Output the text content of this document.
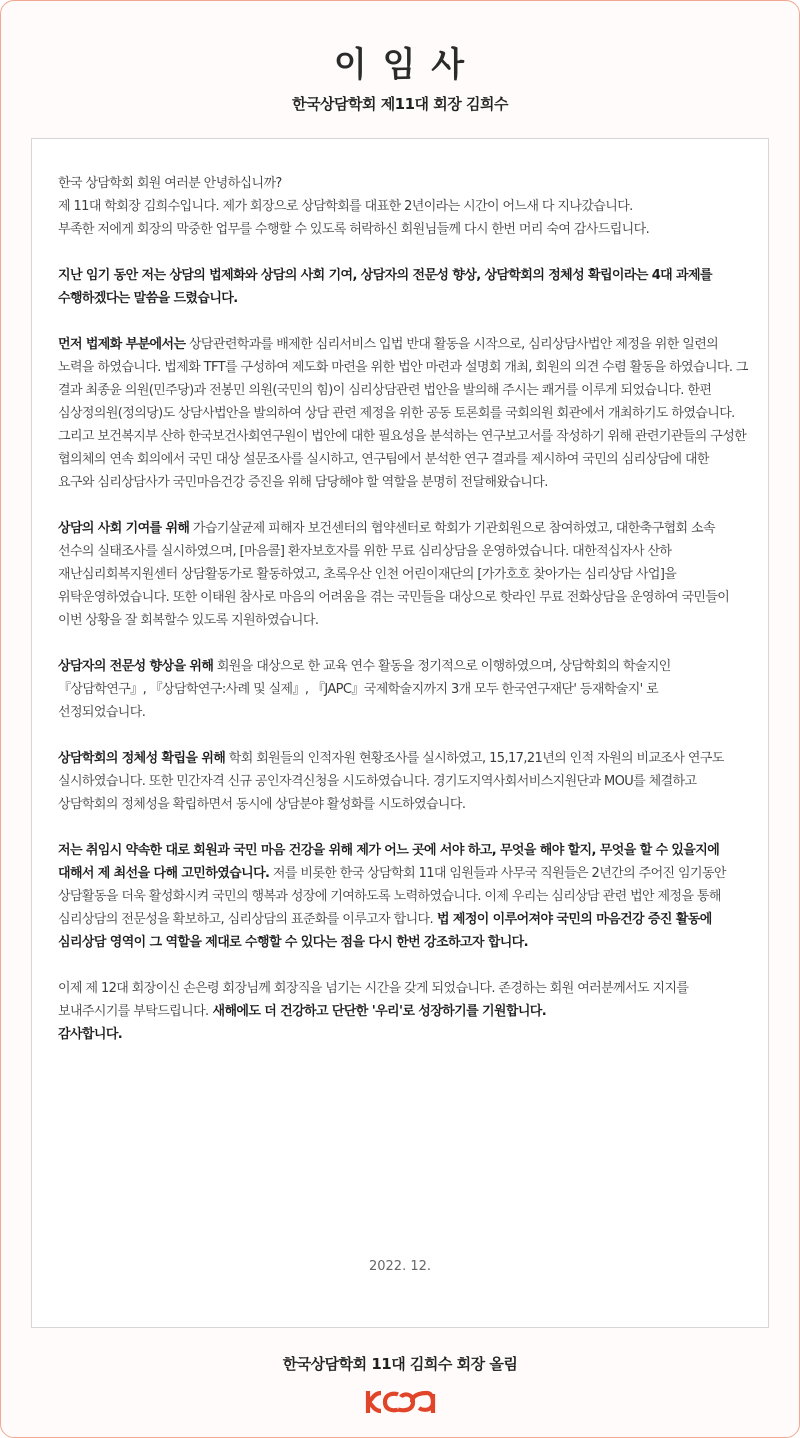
이 임 사
한국상담학회 제11대 회장 김희수

한국 상담학회 회원 여러분 안녕하십니까?
제 11대 학회장 김희수입니다. 제가 회장으로 상담학회를 대표한 2년이라는 시간이 어느새 다 지나갔습니다.
부족한 저에게 회장의 막중한 업무를 수행할 수 있도록 허락하신 회원님들께 다시 한번 머리 숙여 감사드립니다.

지난 임기 동안 저는 상담의 법제화와 상담의 사회 기여, 상담자의 전문성 향상, 상담학회의 정체성 확립이라는 4대 과제를 수행하겠다는 말씀을 드렸습니다.

먼저 법제화 부분에서는 상담관련학과를 배제한 심리서비스 입법 반대 활동을 시작으로, 심리상담사법안 제정을 위한 일련의 노력을 하였습니다. 법제화 TFT를 구성하여 제도화 마련을 위한 법안 마련과 설명회 개최, 회원의 의견 수렴 활동을 하였습니다. 그 결과 최종윤 의원(민주당)과 전봉민 의원(국민의 힘)이 심리상담관련 법안을 발의해 주시는 쾌거를 이루게 되었습니다. 한편 심상정의원(정의당)도 상담사법안을 발의하여 상담 관련 제정을 위한 공동 토론회를 국회의원 회관에서 개최하기도 하였습니다. 그리고 보건복지부 산하 한국보건사회연구원이 법안에 대한 필요성을 분석하는 연구보고서를 작성하기 위해 관련기관들의 구성한 협의체의 연속 회의에서 국민 대상 설문조사를 실시하고, 연구팀에서 분석한 연구 결과를 제시하여 국민의 심리상담에 대한 요구와 심리상담사가 국민마음건강 증진을 위해 담당해야 할 역할을 분명히 전달해왔습니다.

상담의 사회 기여를 위해 가습기살균제 피해자 보건센터의 협약센터로 학회가 기관회원으로 참여하였고, 대한축구협회 소속 선수의 실태조사를 실시하였으며, [마음콜] 환자보호자를 위한 무료 심리상담을 운영하였습니다. 대한적십자사 산하 재난심리회복지원센터 상담활동가로 활동하였고, 초록우산 인천 어린이재단의 [가가호호 찾아가는 심리상담 사업]을 위탁운영하였습니다. 또한 이태원 참사로 마음의 어려움을 겪는 국민들을 대상으로 핫라인 무료 전화상담을 운영하여 국민들이 이번 상황을 잘 회복할수 있도록 지원하였습니다.

상담자의 전문성 향상을 위해 회원을 대상으로 한 교육 연수 활동을 정기적으로 이행하였으며, 상담학회의 학술지인 『상담학연구』, 『상담학연구:사례 및 실제』, 『JAPC』국제학술지까지 3개 모두 한국연구재단' 등재학술지' 로 선정되었습니다.

상담학회의 정체성 확립을 위해 학회 회원들의 인적자원 현황조사를 실시하였고, 15,17,21년의 인적 자원의 비교조사 연구도 실시하였습니다. 또한 민간자격 신규 공인자격신청을 시도하였습니다. 경기도지역사회서비스지원단과 MOU를 체결하고 상담학회의 정체성을 확립하면서 동시에 상담분야 활성화를 시도하였습니다.

저는 취임시 약속한 대로 회원과 국민 마음 건강을 위해 제가 어느 곳에 서야 하고, 무엇을 해야 할지, 무엇을 할 수 있을지에 대해서 제 최선을 다해 고민하였습니다. 저를 비롯한 한국 상담학회 11대 임원들과 사무국 직원들은 2년간의 주어진 임기동안 상담활동을 더욱 활성화시켜 국민의 행복과 성장에 기여하도록 노력하였습니다. 이제 우리는 심리상담 관련 법안 제정을 통해 심리상담의 전문성을 확보하고, 심리상담의 표준화를 이루고자 합니다. 법 제정이 이루어져야 국민의 마음건강 증진 활동에 심리상담 영역이 그 역할을 제대로 수행할 수 있다는 점을 다시 한번 강조하고자 합니다.

이제 제 12대 회장이신 손은령 회장님께 회장직을 넘기는 시간을 갖게 되었습니다. 존경하는 회원 여러분께서도 지지를 보내주시기를 부탁드립니다. 새해에도 더 건강하고 단단한 '우리'로 성장하기를 기원합니다.
감사합니다.

2022. 12.
한국상담학회 11대 김희수 회장 올림
